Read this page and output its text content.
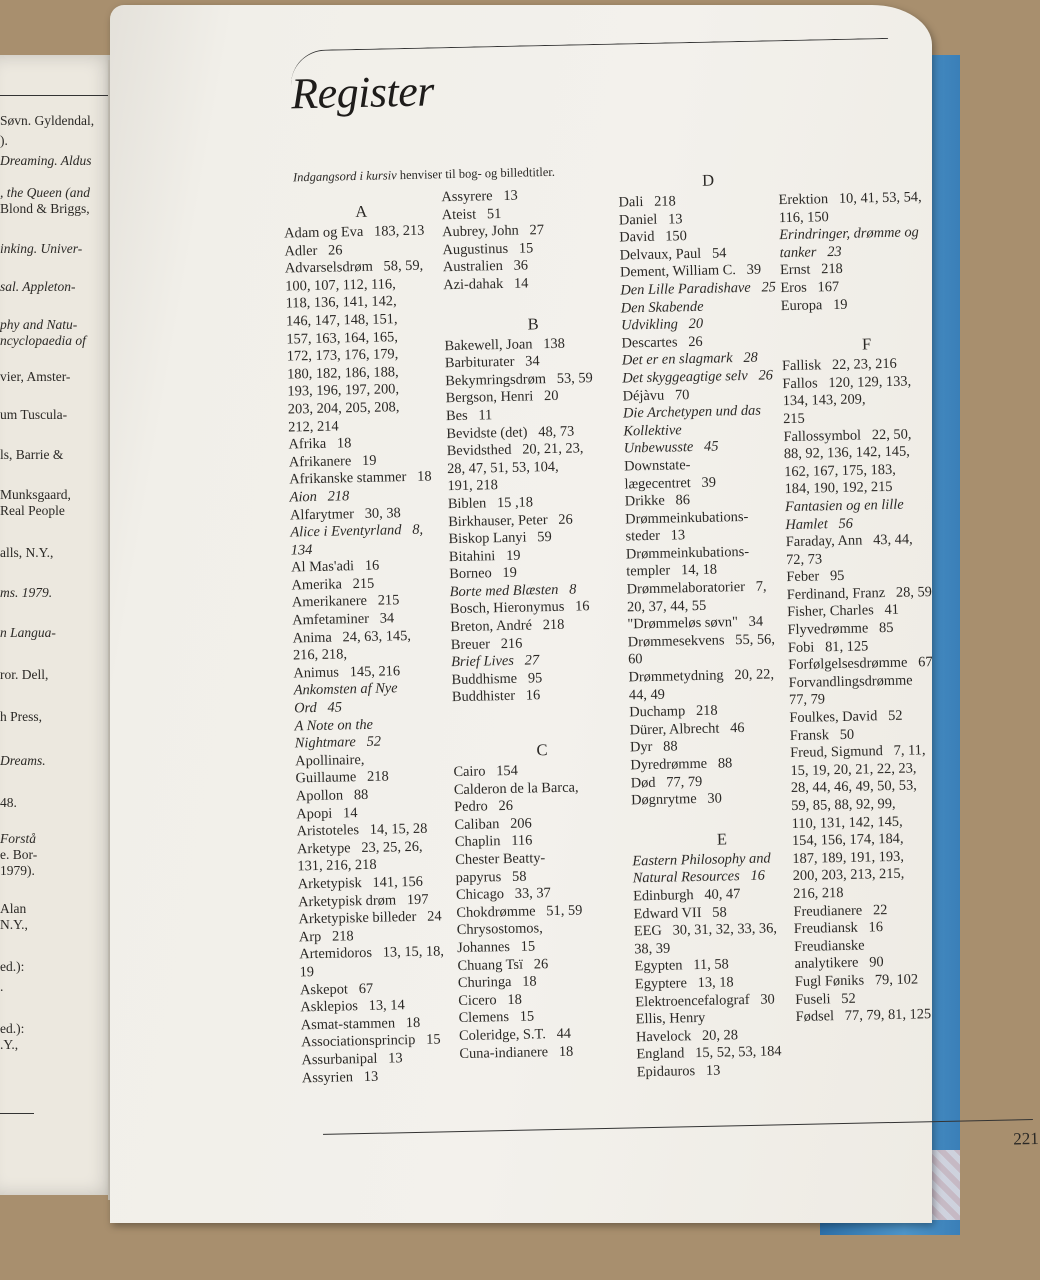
Søvn. Gyldendal,
).
Dreaming. Aldus
, the Queen (and
Blond & Briggs,
inking. Univer-
sal. Appleton-
phy and Natu-
ncyclopaedia of
vier, Amster-
um Tuscula-
ls, Barrie &
Munksgaard,
Real People
alls, N.Y.,
ms. 1979.
n Langua-
ror. Dell,
h Press,
Dreams.
48.
Forstå
e. Bor-
1979).
Alan
N.Y.,
ed.):
.
ed.):
.Y.,
Register
Indgangsord i kursiv henviser til bog- og billedtitler.
A
Adam og Eva   183, 213
Adler   26
Advarselsdrøm   58, 59,
100, 107, 112, 116,
118, 136, 141, 142,
146, 147, 148, 151,
157, 163, 164, 165,
172, 173, 176, 179,
180, 182, 186, 188,
193, 196, 197, 200,
203, 204, 205, 208,
212, 214
Afrika   18
Afrikanere   19
Afrikanske stammer   18
Aion   218
Alfarytmer   30, 38
Alice i Eventyrland   8,
134
Al Mas'adi   16
Amerika   215
Amerikanere   215
Amfetaminer   34
Anima   24, 63, 145,
216, 218,
Animus   145, 216
Ankomsten af Nye
Ord   45
A Note on the
Nightmare   52
Apollinaire,
Guillaume   218
Apollon   88
Apopi   14
Aristoteles   14, 15, 28
Arketype   23, 25, 26,
131, 216, 218
Arketypisk   141, 156
Arketypisk drøm   197
Arketypiske billeder   24
Arp   218
Artemidoros   13, 15, 18,
19
Askepot   67
Asklepios   13, 14
Asmat-stammen   18
Associationsprincip   15
Assurbanipal   13
Assyrien   13
Assyrere   13
Ateist   51
Aubrey, John   27
Augustinus   15
Australien   36
Azi-dahak   14
B
Bakewell, Joan   138
Barbiturater   34
Bekymringsdrøm   53, 59
Bergson, Henri   20
Bes   11
Bevidste (det)   48, 73
Bevidsthed   20, 21, 23,
28, 47, 51, 53, 104,
191, 218
Biblen   15 ,18
Birkhauser, Peter   26
Biskop Lanyi   59
Bitahini   19
Borneo   19
Borte med Blæsten   8
Bosch, Hieronymus   16
Breton, André   218
Breuer   216
Brief Lives   27
Buddhisme   95
Buddhister   16
C
Cairo   154
Calderon de la Barca,
Pedro   26
Caliban   206
Chaplin   116
Chester Beatty-
papyrus   58
Chicago   33, 37
Chokdrømme   51, 59
Chrysostomos,
Johannes   15
Chuang Tsï   26
Churinga   18
Cicero   18
Clemens   15
Coleridge, S.T.   44
Cuna-indianere   18
D
Dali   218
Daniel   13
David   150
Delvaux, Paul   54
Dement, William C.   39
Den Lille Paradishave   25
Den Skabende
Udvikling   20
Descartes   26
Det er en slagmark   28
Det skyggeagtige selv   26
Déjàvu   70
Die Archetypen und das
Kollektive
Unbewusste   45
Downstate-
lægecentret   39
Drikke   86
Drømmeinkubations-
steder   13
Drømmeinkubations-
templer   14, 18
Drømmelaboratorier   7,
20, 37, 44, 55
"Drømmeløs søvn"   34
Drømmesekvens   55, 56,
60
Drømmetydning   20, 22,
44, 49
Duchamp   218
Dürer, Albrecht   46
Dyr   88
Dyredrømme   88
Død   77, 79
Døgnrytme   30
E
Eastern Philosophy and
Natural Resources   16
Edinburgh   40, 47
Edward VII   58
EEG   30, 31, 32, 33, 36,
38, 39
Egypten   11, 58
Egyptere   13, 18
Elektroencefalograf   30
Ellis, Henry
Havelock   20, 28
England   15, 52, 53, 184
Epidauros   13
Erektion   10, 41, 53, 54,
116, 150
Erindringer, drømme og
tanker   23
Ernst   218
Eros   167
Europa   19
F
Fallisk   22, 23, 216
Fallos   120, 129, 133,
134, 143, 209,
215
Fallossymbol   22, 50,
88, 92, 136, 142, 145,
162, 167, 175, 183,
184, 190, 192, 215
Fantasien og en lille
Hamlet   56
Faraday, Ann   43, 44,
72, 73
Feber   95
Ferdinand, Franz   28, 59
Fisher, Charles   41
Flyvedrømme   85
Fobi   81, 125
Forfølgelsesdrømme   67
Forvandlingsdrømme
77, 79
Foulkes, David   52
Fransk   50
Freud, Sigmund   7, 11,
15, 19, 20, 21, 22, 23,
28, 44, 46, 49, 50, 53,
59, 85, 88, 92, 99,
110, 131, 142, 145,
154, 156, 174, 184,
187, 189, 191, 193,
200, 203, 213, 215,
216, 218
Freudianere   22
Freudiansk   16
Freudianske
analytikere   90
Fugl Føniks   79, 102
Fuseli   52
Fødsel   77, 79, 81, 125
221
